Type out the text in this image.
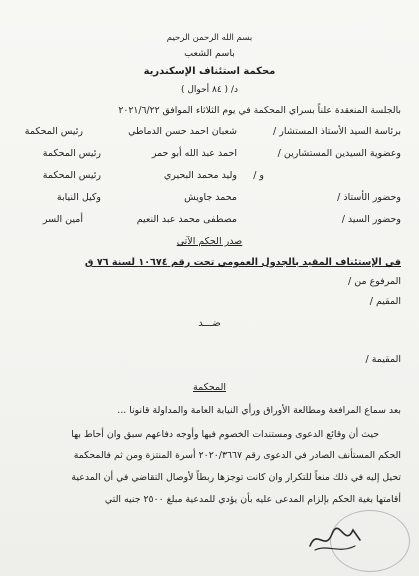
بسم الله الرحمن الرحيم
باسم الشعب
محكمة استئناف الإسكندرية
د/ ( ٨٤ أحوال )
بالجلسة المنعقدة علناً بسراي المحكمة في يوم الثلاثاء الموافق ٢٠٢١/٦/٢٢
برئاسة السيد الأستاذ المستشار /
شعبان احمد حسن الدماطي
رئيس المحكمة
وعضوية السيدين المستشارين /
احمد عبد الله أبو حمر
رئيس المحكمة
و /
وليد محمد البحيري
رئيس المحكمة
وحضور الأستاذ /
محمد جاويش
وكيل النيابة
وحضور السيد /
مصطفى محمد عبد النعيم
أمين السر
صدر الحكم الآتي
في الإستئناف المقيد بالجدول العمومي تحت رقم ١٠٦٧٤ لسنة ٧٦ ق
المرفوع من /
المقيم /
ضـــد
المقيمة /
المحكمة
بعد سماع المرافعة ومطالعة الأوراق ورأي النيابة العامة والمداولة قانونا ...
حيث أن وقائع الدعوى ومستندات الخصوم فيها وأوجه دفاعهم سبق وان أحاط بها
الحكم المستأنف الصادر في الدعوى رقم ٢٠٢٠/٣٦٦٧ أسرة المنتزة ومن ثم فالمحكمة
تحيل إليه في ذلك منعاً للتكرار وان كانت توجزها ربطاً لأوصال التقاضي في أن المدعية
أقامتها بغية الحكم بإلزام المدعى عليه بأن يؤدي للمدعية مبلغ ٢٥٠٠ جنيه التي
